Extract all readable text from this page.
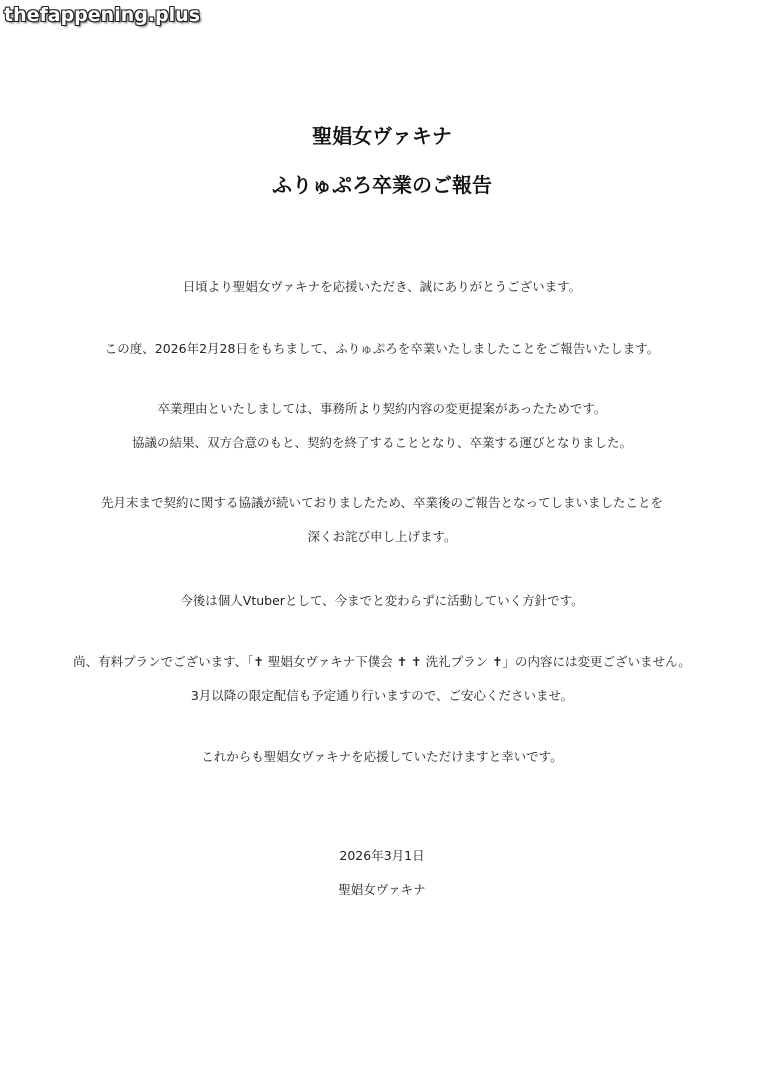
thefappening.plus
聖娼女ヴァキナ
ふりゅぷろ卒業のご報告
日頃より聖娼女ヴァキナを応援いただき、誠にありがとうございます。
この度、2026年2月28日をもちまして、ふりゅぷろを卒業いたしましたことをご報告いたします。
卒業理由といたしましては、事務所より契約内容の変更提案があったためです。
協議の結果、双方合意のもと、契約を終了することとなり、卒業する運びとなりました。
先月末まで契約に関する協議が続いておりましたため、卒業後のご報告となってしまいましたことを
深くお詫び申し上げます。
今後は個人Vtuberとして、今までと変わらずに活動していく方針です。
尚、有料プランでございます、「✝ 聖娼女ヴァキナ下僕会 ✝ ✝ 洗礼プラン ✝」の内容には変更ございません。
3月以降の限定配信も予定通り行いますので、ご安心くださいませ。
これからも聖娼女ヴァキナを応援していただけますと幸いです。
2026年3月1日
聖娼女ヴァキナ
